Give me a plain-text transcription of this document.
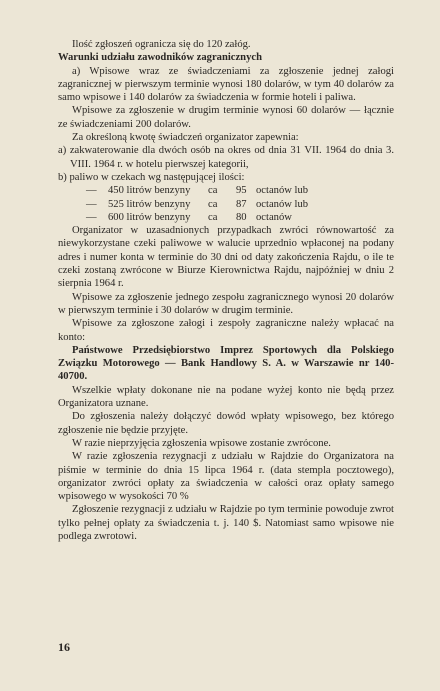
Ilość zgłoszeń ogranicza się do 120 załóg.

Warunki udziału zawodników zagranicznych

a) Wpisowe wraz ze świadczeniami za zgłoszenie jednej załogi zagranicznej w pierwszym terminie wynosi 180 dolarów, w tym 40 dolarów za samo wpisowe i 140 dolarów za świadczenia w formie hoteli i paliwa.

Wpisowe za zgłoszenie w drugim terminie wynosi 60 dolarów — łącznie ze świadczeniami 200 dolarów.

Za określoną kwotę świadczeń organizator zapewnia:

a) zakwaterowanie dla dwóch osób na okres od dnia 31 VII. 1964 do dnia 3. VIII. 1964 r. w hotelu pierwszej kategorii,

b) paliwo w czekach wg następującej ilości:

—	450 litrów benzyny	ca	95 octanów lub
—	525 litrów benzyny	ca	87 octanów lub
—	600 litrów benzyny	ca	80 octanów

Organizator w uzasadnionych przypadkach zwróci równowartość za niewykorzystane czeki paliwowe w walucie uprzednio wpłaconej na podany adres i numer konta w terminie do 30 dni od daty zakończenia Rajdu, o ile te czeki zostaną zwrócone w Biurze Kierownictwa Rajdu, najpóźniej w dniu 2 sierpnia 1964 r.

Wpisowe za zgłoszenie jednego zespołu zagranicznego wynosi 20 dolarów w pierwszym terminie i 30 dolarów w drugim terminie.

Wpisowe za zgłoszone załogi i zespoły zagraniczne należy wpłacać na konto:

Państwowe Przedsiębiorstwo Imprez Sportowych dla Polskiego Związku Motorowego — Bank Handlowy S. A. w Warszawie nr 140-40700.

Wszelkie wpłaty dokonane nie na podane wyżej konto nie będą przez Organizatora uznane.

Do zgłoszenia należy dołączyć dowód wpłaty wpisowego, bez którego zgłoszenie nie będzie przyjęte.

W razie nieprzyjęcia zgłoszenia wpisowe zostanie zwrócone.

W razie zgłoszenia rezygnacji z udziału w Rajdzie do Organizatora na piśmie w terminie do dnia 15 lipca 1964 r. (data stempla pocztowego), organizator zwróci opłaty za świadczenia w całości oraz opłaty samego wpisowego w wysokości 70 %

Zgłoszenie rezygnacji z udziału w Rajdzie po tym terminie powoduje zwrot tylko pełnej opłaty za świadczenia t. j. 140 $. Natomiast samo wpisowe nie podlega zwrotowi.

16
